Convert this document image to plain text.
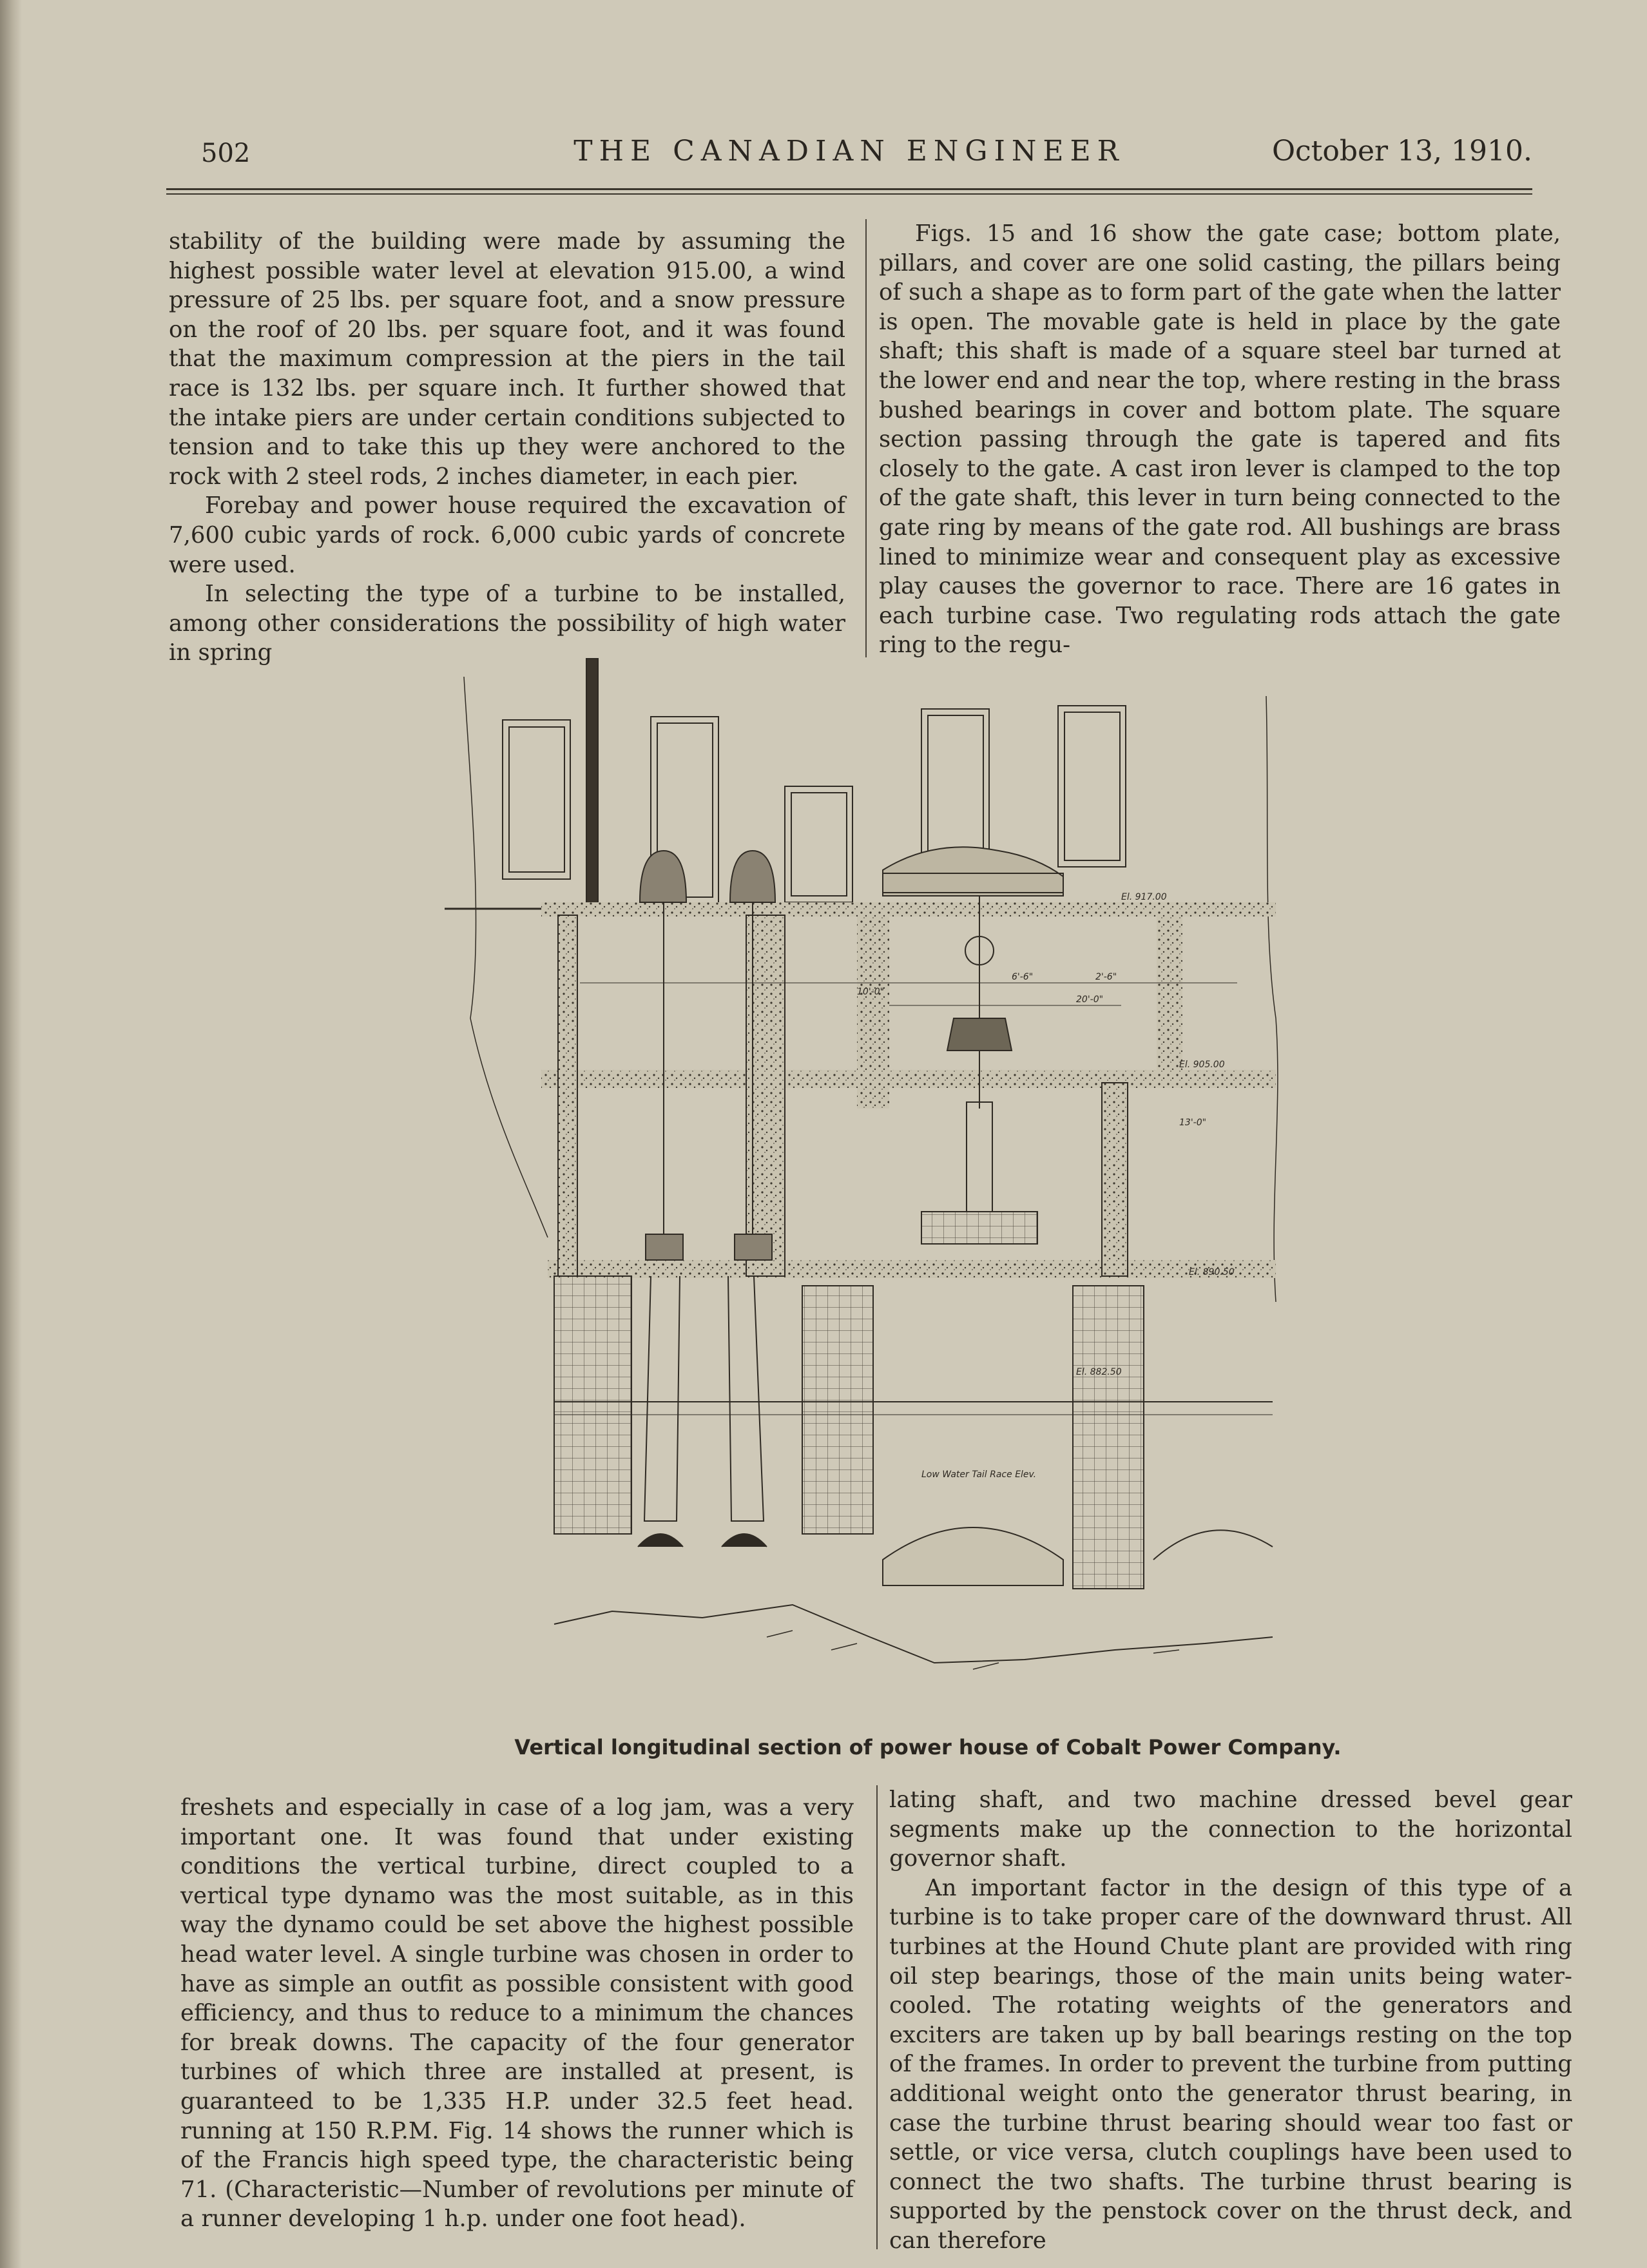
502	THE CANADIAN ENGINEER	October 13, 1910.

stability of the building were made by assuming the highest possible water level at elevation 915.00, a wind pressure of 25 lbs. per square foot, and a snow pressure on the roof of 20 lbs. per square foot, and it was found that the maximum compression at the piers in the tail race is 132 lbs. per square inch. It further showed that the intake piers are under certain conditions subjected to tension and to take this up they were anchored to the rock with 2 steel rods, 2 inches diameter, in each pier.

Forebay and power house required the excavation of 7,600 cubic yards of rock. 6,000 cubic yards of concrete were used.

In selecting the type of a turbine to be installed, among other considerations the possibility of high water in spring

Figs. 15 and 16 show the gate case; bottom plate, pillars, and cover are one solid casting, the pillars being of such a shape as to form part of the gate when the latter is open. The movable gate is held in place by the gate shaft; this shaft is made of a square steel bar turned at the lower end and near the top, where resting in the brass bushed bearings in cover and bottom plate. The square section passing through the gate is tapered and fits closely to the gate. A cast iron lever is clamped to the top of the gate shaft, this lever in turn being connected to the gate ring by means of the gate rod. All bushings are brass lined to minimize wear and consequent play as excessive play causes the governor to race. There are 16 gates in each turbine case. Two regulating rods attach the gate ring to the regu-

El. 917.00
El. 905.00
El. 890.50
El. 882.50
Low Water Tail Race Elev.
10'-0"
20'-0"
6'-6"	2'-6"
13'-0"
Vertical longitudinal section of power house of Cobalt Power Company.

freshets and especially in case of a log jam, was a very important one. It was found that under existing conditions the vertical turbine, direct coupled to a vertical type dynamo was the most suitable, as in this way the dynamo could be set above the highest possible head water level. A single turbine was chosen in order to have as simple an outfit as possible consistent with good efficiency, and thus to reduce to a minimum the chances for break downs. The capacity of the four generator turbines of which three are installed at present, is guaranteed to be 1,335 H.P. under 32.5 feet head. running at 150 R.P.M. Fig. 14 shows the runner which is of the Francis high speed type, the characteristic being 71. (Characteristic—Number of revolutions per minute of a runner developing 1 h.p. under one foot head).

lating shaft, and two machine dressed bevel gear segments make up the connection to the horizontal governor shaft.

An important factor in the design of this type of a turbine is to take proper care of the downward thrust. All turbines at the Hound Chute plant are provided with ring oil step bearings, those of the main units being water-cooled. The rotating weights of the generators and exciters are taken up by ball bearings resting on the top of the frames. In order to prevent the turbine from putting additional weight onto the generator thrust bearing, in case the turbine thrust bearing should wear too fast or settle, or vice versa, clutch couplings have been used to connect the two shafts. The turbine thrust bearing is supported by the penstock cover on the thrust deck, and can therefore
